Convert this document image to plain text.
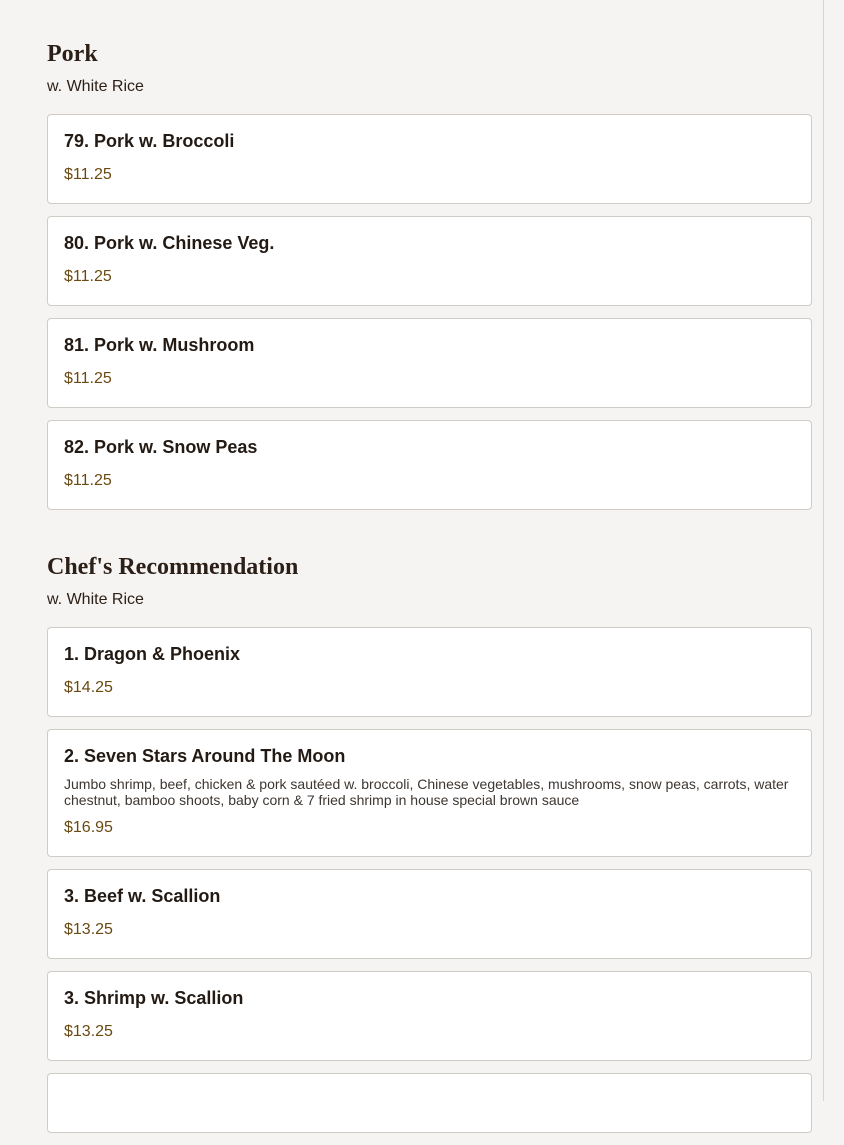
Pork

w. White Rice

79. Pork w. Broccoli

$11.25

80. Pork w. Chinese Veg.

$11.25

81. Pork w. Mushroom

$11.25

82. Pork w. Snow Peas

$11.25

Chef's Recommendation

w. White Rice

1. Dragon & Phoenix

$14.25

2. Seven Stars Around The Moon

Jumbo shrimp, beef, chicken & pork sautéed w. broccoli, Chinese vegetables, mushrooms, snow peas, carrots, water chestnut, bamboo shoots, baby corn & 7 fried shrimp in house special brown sauce

$16.95

3. Beef w. Scallion

$13.25

3. Shrimp w. Scallion

$13.25
